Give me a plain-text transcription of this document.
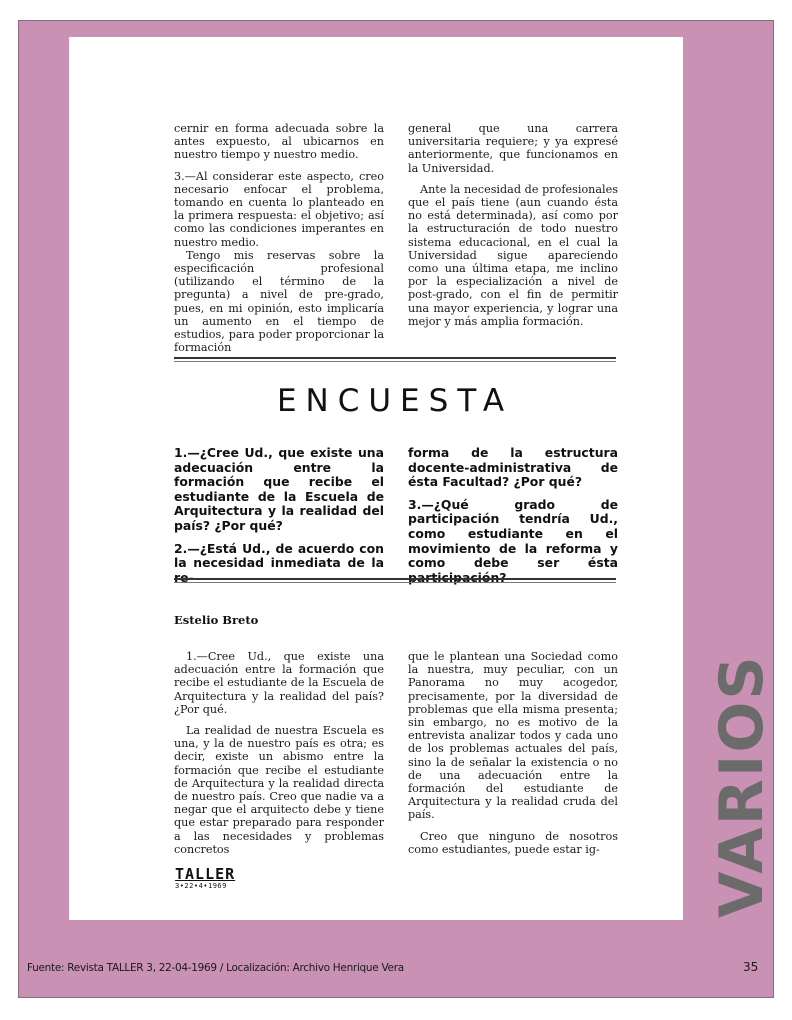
cernir en forma adecuada sobre la antes expuesto, al ubicarnos en nuestro tiempo y nuestro medio.

3.—Al considerar este aspecto, creo necesario enfocar el problema, tomando en cuenta lo planteado en la primera respuesta: el objetivo; así como las condiciones imperantes en nuestro medio.

Tengo mis reservas sobre la especificación profesional (utilizando el término de la pregunta) a nivel de pre-grado, pues, en mi opinión, esto implicaría un aumento en el tiempo de estudios, para poder proporcionar la formación

general que una carrera universitaria requiere; y ya expresé anteriormente, que funcionamos en la Universidad.

Ante la necesidad de profesionales que el país tiene (aun cuando ésta no está determinada), así como por la estructuración de todo nuestro sistema educacional, en el cual la Universidad sigue apareciendo como una última etapa, me inclino por la especialización a nivel de post-grado, con el fin de permitir una mayor experiencia, y lograr una mejor y más amplia formación.

ENCUESTA

1.—¿Cree Ud., que existe una adecuación entre la formación que recibe el estudiante de la Escuela de Arquitectura y la realidad del país? ¿Por qué?

2.—¿Está Ud., de acuerdo con la necesidad inmediata de la re-

forma de la estructura docente-administrativa de ésta Facultad? ¿Por qué?

3.—¿Qué grado de participación tendría Ud., como estudiante en el movimiento de la reforma y como debe ser ésta participación?

Estelio Breto

1.—Cree Ud., que existe una adecuación entre la formación que recibe el estudiante de la Escuela de Arquitectura y la realidad del país? ¿Por qué.

La realidad de nuestra Escuela es una, y la de nuestro país es otra; es decir, existe un abismo entre la formación que recibe el estudiante de Arquitectura y la realidad directa de nuestro país. Creo que nadie va a negar que el arquitecto debe y tiene que estar preparado para responder a las necesidades y problemas concretos

que le plantean una Sociedad como la nuestra, muy peculiar, con un Panorama no muy acogedor, precisamente, por la diversidad de problemas que ella misma presenta; sin embargo, no es motivo de la entrevista analizar todos y cada uno de los problemas actuales del país, sino la de señalar la existencia o no de una adecuación entre la formación del estudiante de Arquitectura y la realidad cruda del país.

Creo que ninguno de nosotros como estudiantes, puede estar ig-

TALLER
3•22•4•1969	VARIOS
Fuente: Revista TALLER 3, 22-04-1969 / Localización: Archivo Henrique Vera	35
